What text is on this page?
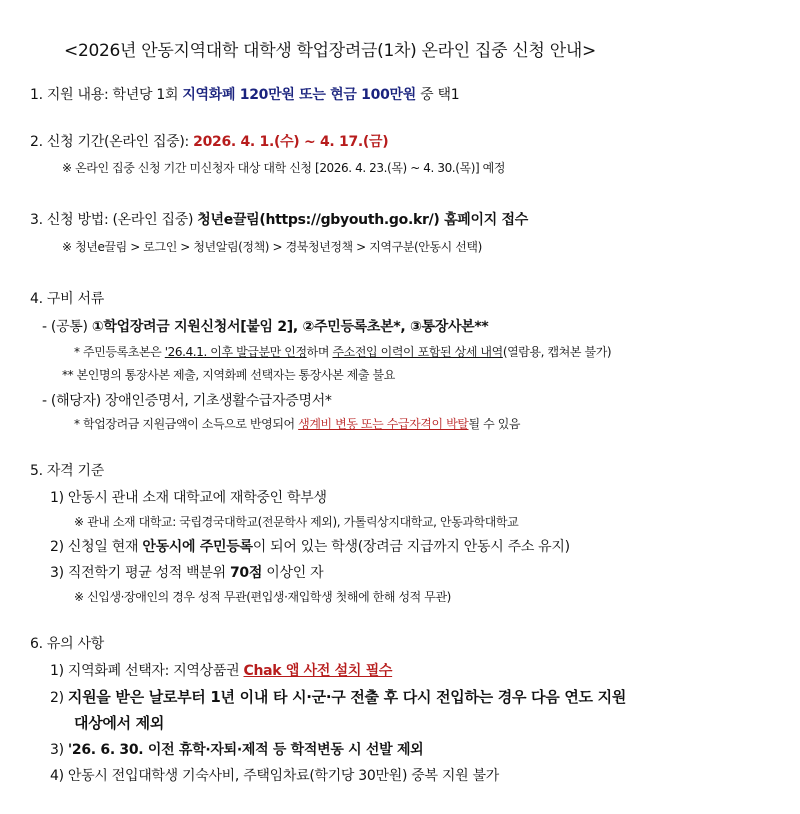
<2026년 안동지역대학 대학생 학업장려금(1차) 온라인 집중 신청 안내>
1. 지원 내용: 학년당 1회 지역화폐 120만원 또는 현금 100만원 중 택1
2. 신청 기간(온라인 집중): 2026. 4. 1.(수) ~ 4. 17.(금)
※ 온라인 집중 신청 기간 미신청자 대상 대학 신청 [2026. 4. 23.(목) ~ 4. 30.(목)] 예정
3. 신청 방법: (온라인 집중) 청년e끌림(https://gbyouth.go.kr/) 홈페이지 접수
※ 청년e끌림 > 로그인 > 청년알림(정책) > 경북청년정책 > 지역구분(안동시 선택)
4. 구비 서류
- (공통) ①학업장려금 지원신청서[붙임 2], ②주민등록초본*, ③통장사본**
* 주민등록초본은 '26.4.1. 이후 발급분만 인정하며 주소전입 이력이 포함된 상세 내역(열람용, 캡쳐본 불가)
** 본인명의 통장사본 제출, 지역화폐 선택자는 통장사본 제출 불요
- (해당자) 장애인증명서, 기초생활수급자증명서*
* 학업장려금 지원금액이 소득으로 반영되어 생계비 변동 또는 수급자격이 박탈될 수 있음
5. 자격 기준
1) 안동시 관내 소재 대학교에 재학중인 학부생
※ 관내 소재 대학교: 국립경국대학교(전문학사 제외), 가톨릭상지대학교, 안동과학대학교
2) 신청일 현재 안동시에 주민등록이 되어 있는 학생(장려금 지급까지 안동시 주소 유지)
3) 직전학기 평균 성적 백분위 70점 이상인 자
※ 신입생·장애인의 경우 성적 무관(편입생·재입학생 첫해에 한해 성적 무관)
6. 유의 사항
1) 지역화폐 선택자: 지역상품권 Chak 앱 사전 설치 필수
2) 지원을 받은 날로부터 1년 이내 타 시·군·구 전출 후 다시 전입하는 경우 다음 연도 지원
대상에서 제외
3) '26. 6. 30. 이전 휴학·자퇴·제적 등 학적변동 시 선발 제외
4) 안동시 전입대학생 기숙사비, 주택임차료(학기당 30만원) 중복 지원 불가
